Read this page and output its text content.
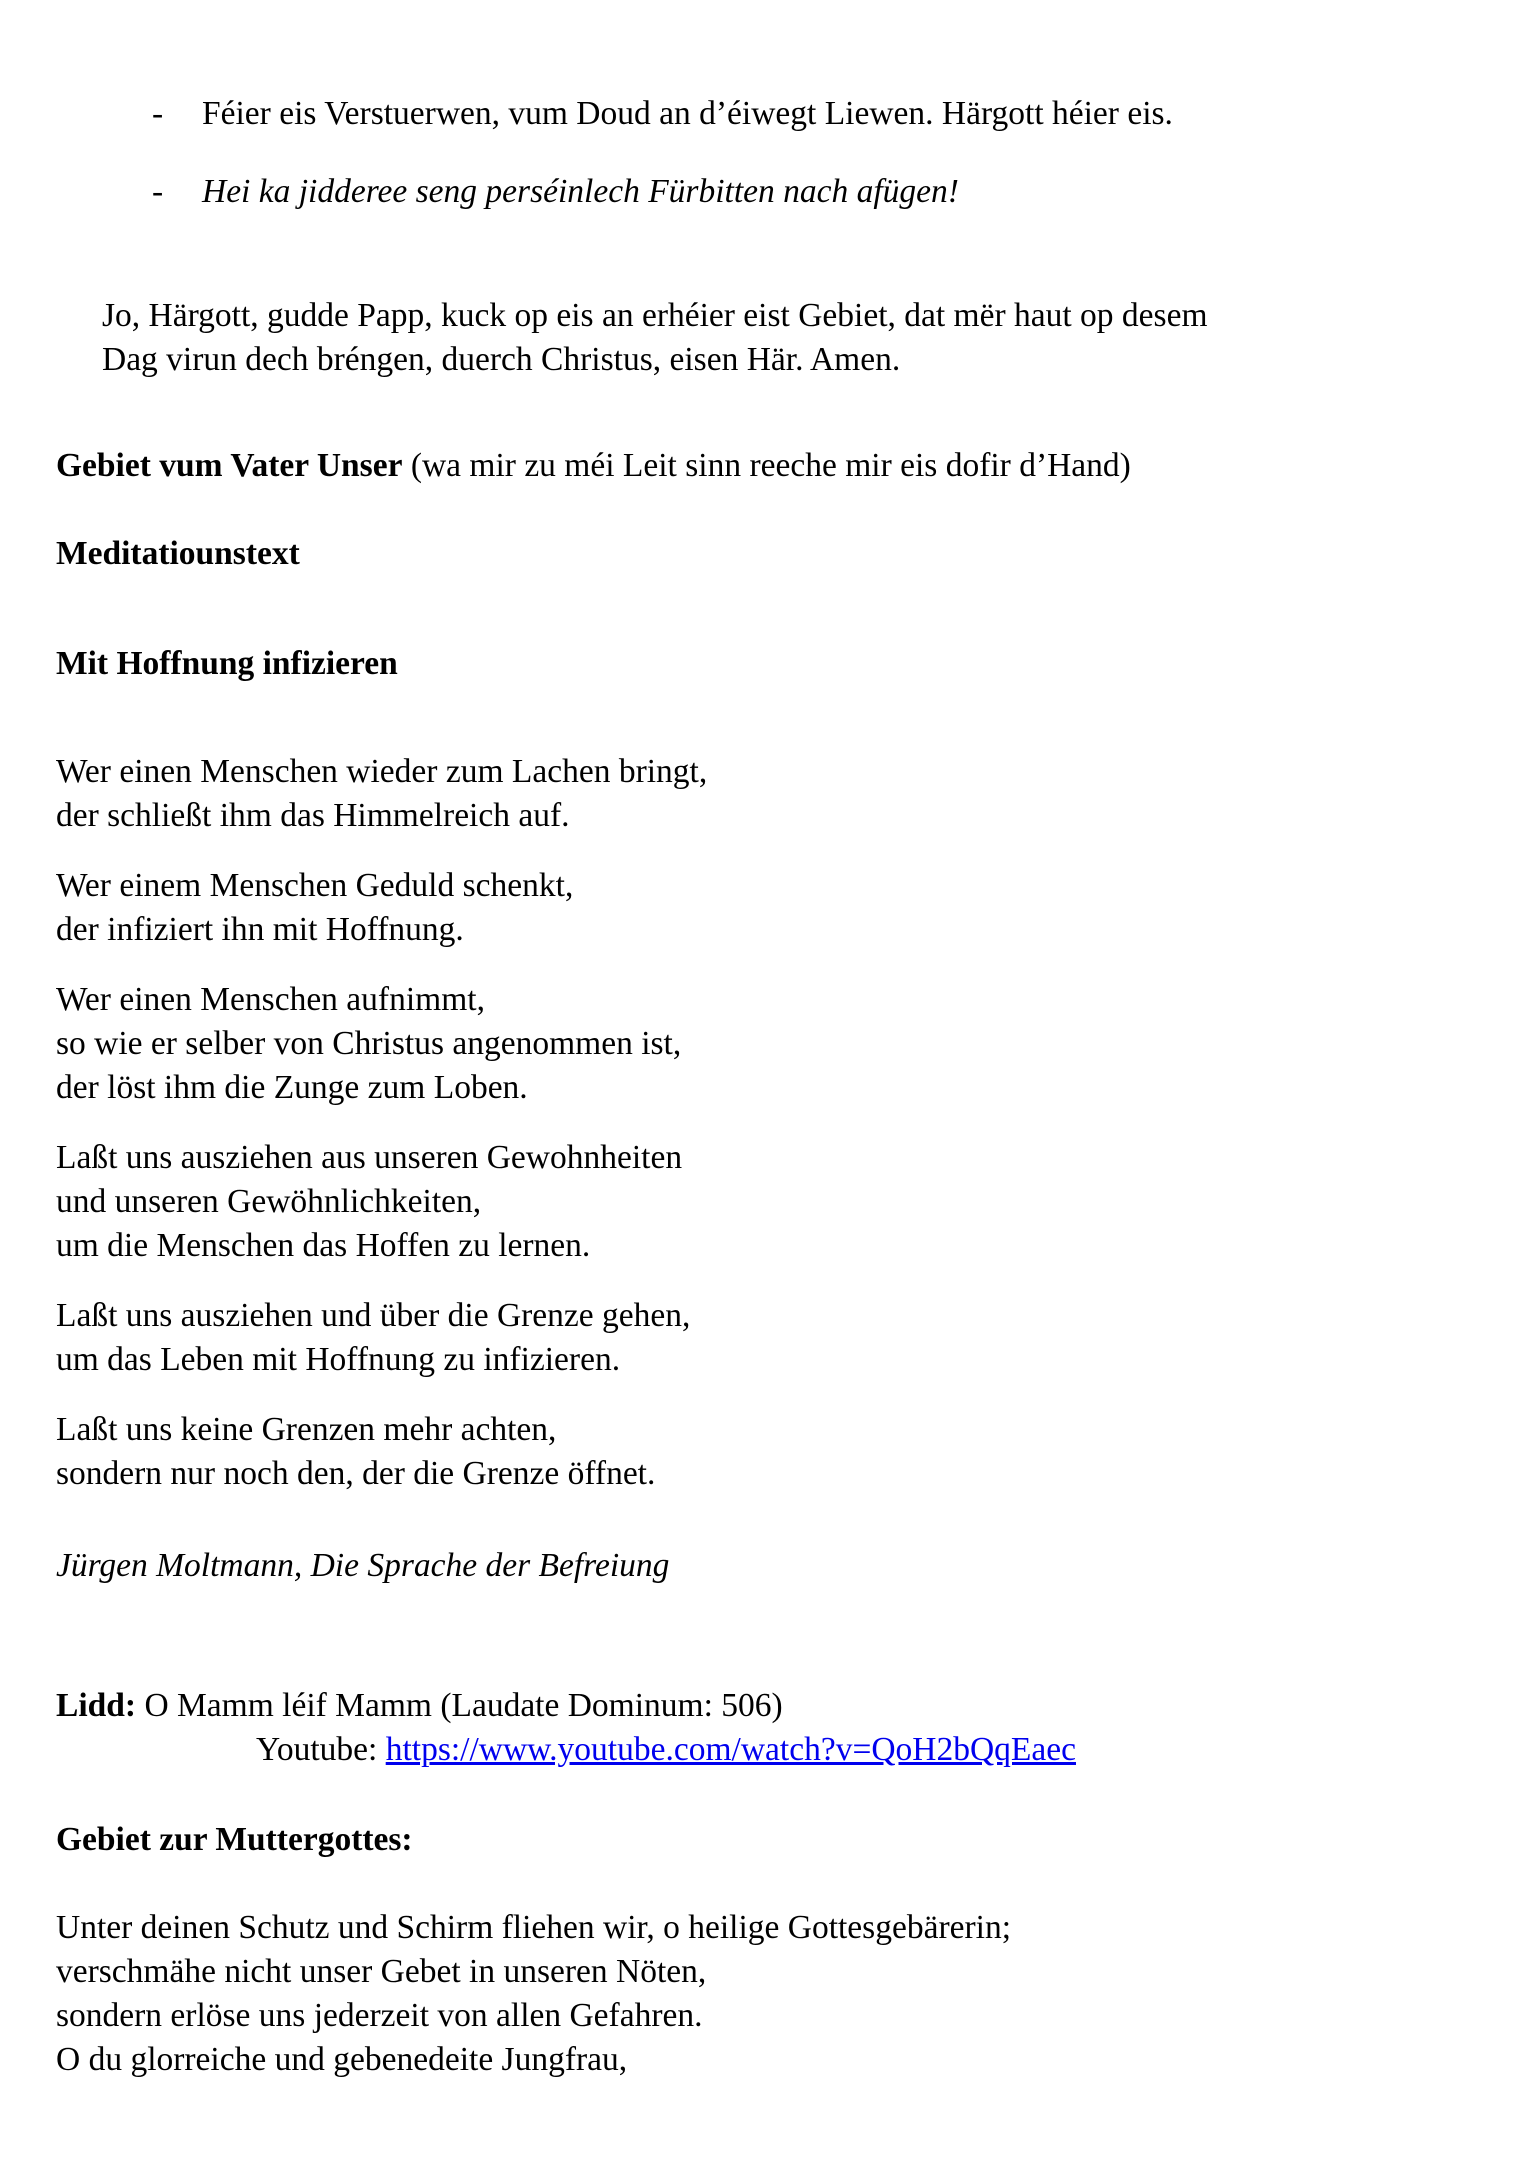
- Féier eis Verstuerwen, vum Doud an d’éiwegt Liewen. Härgott héier eis.
- Hei ka jidderee seng perséinlech Fürbitten nach afügen!
Jo, Härgott, gudde Papp, kuck op eis an erhéier eist Gebiet, dat mër haut op desem
Dag virun dech bréngen, duerch Christus, eisen Här. Amen.
Gebiet vum Vater Unser (wa mir zu méi Leit sinn reeche mir eis dofir d’Hand)
Meditatiounstext
Mit Hoffnung infizieren
Wer einen Menschen wieder zum Lachen bringt,
der schließt ihm das Himmelreich auf.
Wer einem Menschen Geduld schenkt,
der infiziert ihn mit Hoffnung.
Wer einen Menschen aufnimmt,
so wie er selber von Christus angenommen ist,
der löst ihm die Zunge zum Loben.
Laßt uns ausziehen aus unseren Gewohnheiten
und unseren Gewöhnlichkeiten,
um die Menschen das Hoffen zu lernen.
Laßt uns ausziehen und über die Grenze gehen,
um das Leben mit Hoffnung zu infizieren.
Laßt uns keine Grenzen mehr achten,
sondern nur noch den, der die Grenze öffnet.
Jürgen Moltmann, Die Sprache der Befreiung
Lidd: O Mamm léif Mamm (Laudate Dominum: 506)
Youtube: https://www.youtube.com/watch?v=QoH2bQqEaec
Gebiet zur Muttergottes:
Unter deinen Schutz und Schirm fliehen wir, o heilige Gottesgebärerin;
verschmähe nicht unser Gebet in unseren Nöten,
sondern erlöse uns jederzeit von allen Gefahren.
O du glorreiche und gebenedeite Jungfrau,
